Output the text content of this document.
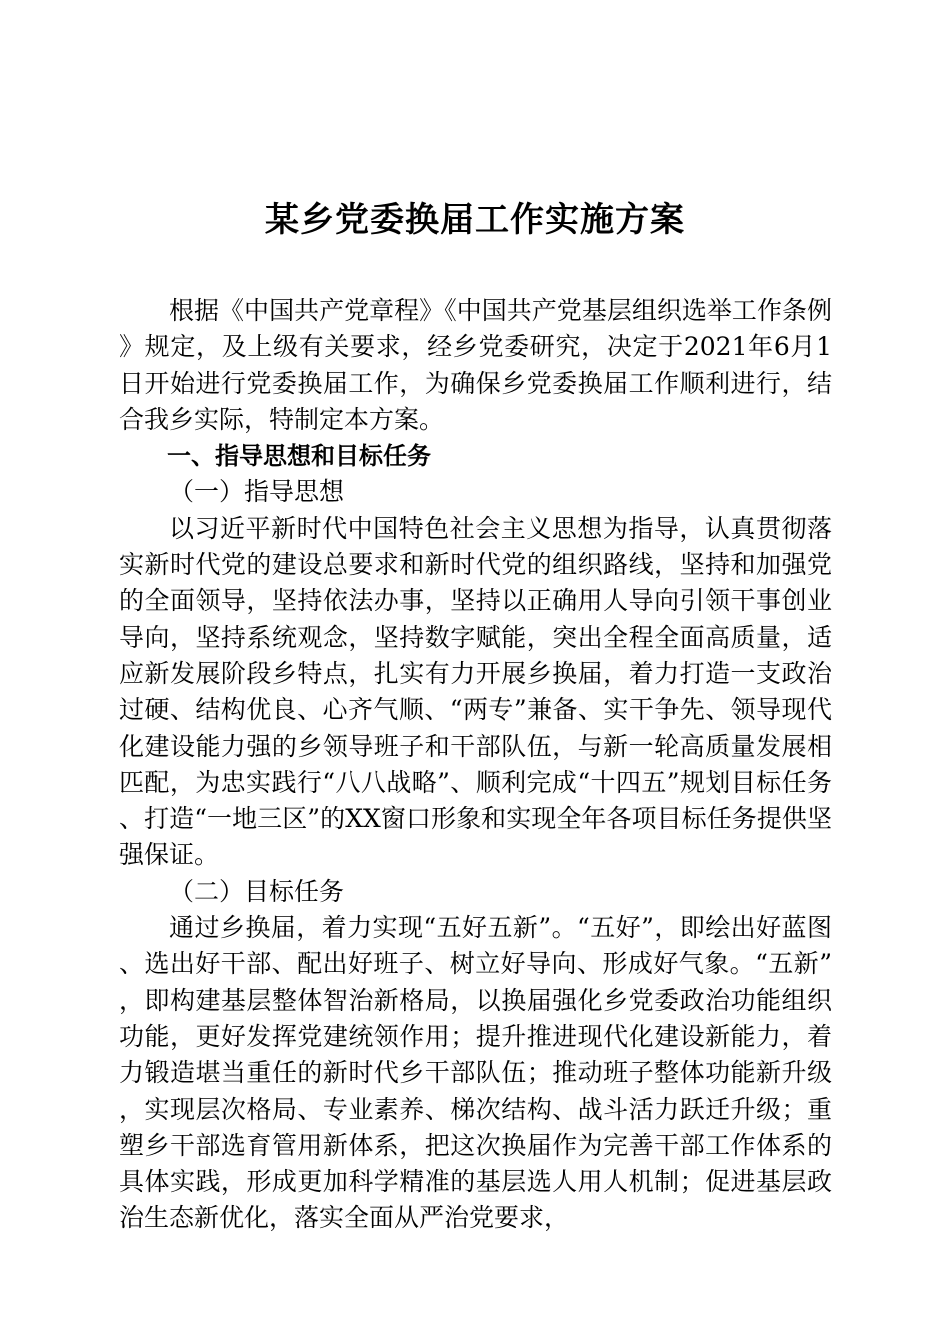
某乡党委换届工作实施方案

根据《中国共产党章程》《中国共产党基层组织选举工作条例》规定，及上级有关要求，经乡党委研究，决定于2021年6月1日开始进行党委换届工作，为确保乡党委换届工作顺利进行，结合我乡实际，特制定本方案。

一、指导思想和目标任务

（一）指导思想

以习近平新时代中国特色社会主义思想为指导，认真贯彻落实新时代党的建设总要求和新时代党的组织路线，坚持和加强党的全面领导，坚持依法办事，坚持以正确用人导向引领干事创业导向，坚持系统观念，坚持数字赋能，突出全程全面高质量，适应新发展阶段乡特点，扎实有力开展乡换届，着力打造一支政治过硬、结构优良、心齐气顺、“两专”兼备、实干争先、领导现代化建设能力强的乡领导班子和干部队伍，与新一轮高质量发展相匹配，为忠实践行“八八战略”、顺利完成“十四五”规划目标任务、打造“一地三区”的XX窗口形象和实现全年各项目标任务提供坚强保证。

（二）目标任务

通过乡换届，着力实现“五好五新”。“五好”，即绘出好蓝图、选出好干部、配出好班子、树立好导向、形成好气象。“五新”，即构建基层整体智治新格局，以换届强化乡党委政治功能组织功能，更好发挥党建统领作用；提升推进现代化建设新能力，着力锻造堪当重任的新时代乡干部队伍；推动班子整体功能新升级，实现层次格局、专业素养、梯次结构、战斗活力跃迁升级；重塑乡干部选育管用新体系，把这次换届作为完善干部工作体系的具体实践，形成更加科学精准的基层选人用人机制；促进基层政治生态新优化，落实全面从严治党要求，
